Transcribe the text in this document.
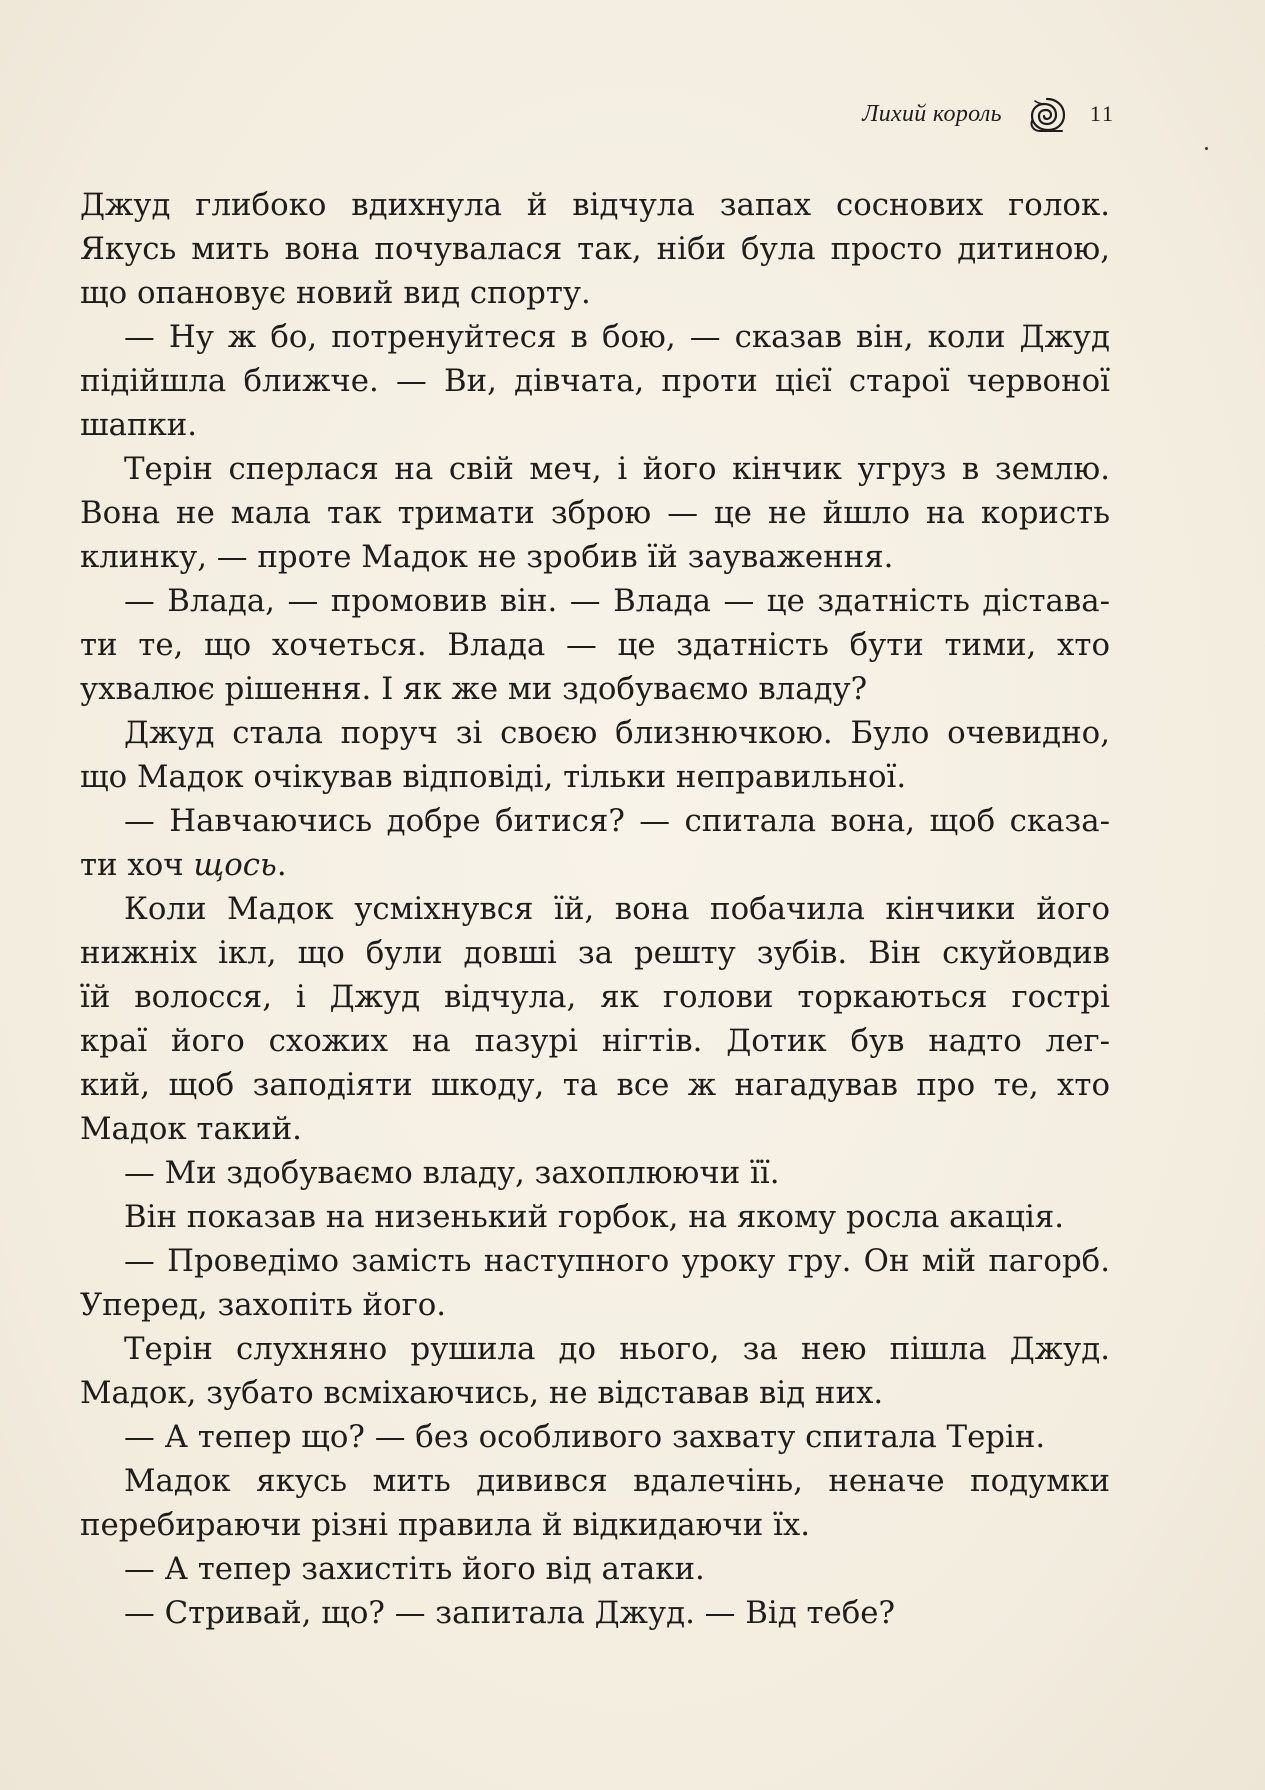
Лихий король	11
Джуд глибоко вдихнула й відчула запах соснових голок.
Якусь мить вона почувалася так, ніби була просто дитиною,
що опановує новий вид спорту.
— Ну ж бо, потренуйтеся в бою, — сказав він, коли Джуд
підійшла ближче. — Ви, дівчата, проти цієї старої червоної
шапки.
Терін сперлася на свій меч, і його кінчик угруз в землю.
Вона не мала так тримати зброю — це не йшло на користь
клинку, — проте Мадок не зробив їй зауваження.
— Влада, — промовив він. — Влада — це здатність діставa-
ти те, що хочеться. Влада — це здатність бути тими, хто
ухвалює рішення. І як же ми здобуваємо владу?
Джуд стала поруч зі своєю близнючкою. Було очевидно,
що Мадок очікував відповіді, тільки неправильної.
— Навчаючись добре битися? — спитала вона, щоб сказа-
ти хоч щось.
Коли Мадок усміхнувся їй, вона побачила кінчики його
нижніх ікл, що були довші за решту зубів. Він скуйовдив
їй волосся, і Джуд відчула, як голови торкаються гострі
краї його схожих на пазурі нігтів. Дотик був надто лег-
кий, щоб заподіяти шкоду, та все ж нагадував про те, хто
Мадок такий.
— Ми здобуваємо владу, захоплюючи її.
Він показав на низенький горбок, на якому росла акація.
— Проведімо замість наступного уроку гру. Он мій пагорб.
Уперед, захопіть його.
Терін слухняно рушила до нього, за нею пішла Джуд.
Мадок, зубато всміхаючись, не відставав від них.
— А тепер що? — без особливого захвату спитала Терін.
Мадок якусь мить дивився вдалечінь, неначе подумки
перебираючи різні правила й відкидаючи їх.
— А тепер захистіть його від атаки.
— Стривай, що? — запитала Джуд. — Від тебе?
